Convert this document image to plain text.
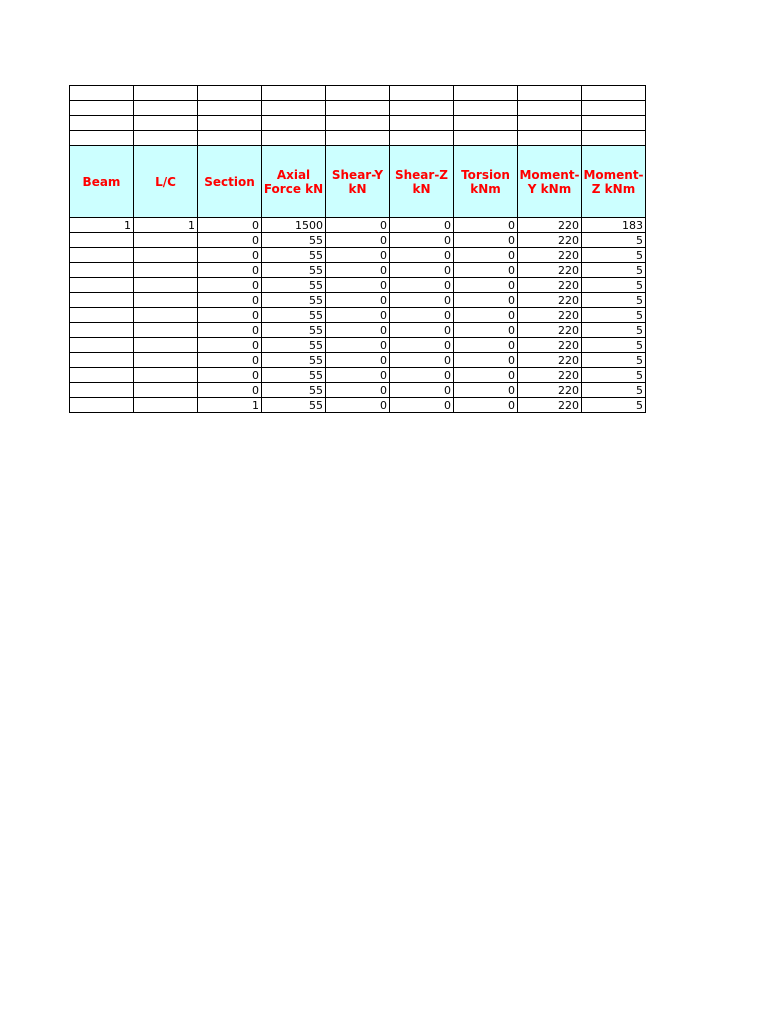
Beam	L/C	Section	Axial Force kN	Shear-Y kN	Shear-Z kN	Torsion kNm	Moment-Y kNm	Moment-Z kNm
1	1	0	1500	0	0	0	220	183
		0	55	0	0	0	220	5
		0	55	0	0	0	220	5
		0	55	0	0	0	220	5
		0	55	0	0	0	220	5
		0	55	0	0	0	220	5
		0	55	0	0	0	220	5
		0	55	0	0	0	220	5
		0	55	0	0	0	220	5
		0	55	0	0	0	220	5
		0	55	0	0	0	220	5
		0	55	0	0	0	220	5
		1	55	0	0	0	220	5
